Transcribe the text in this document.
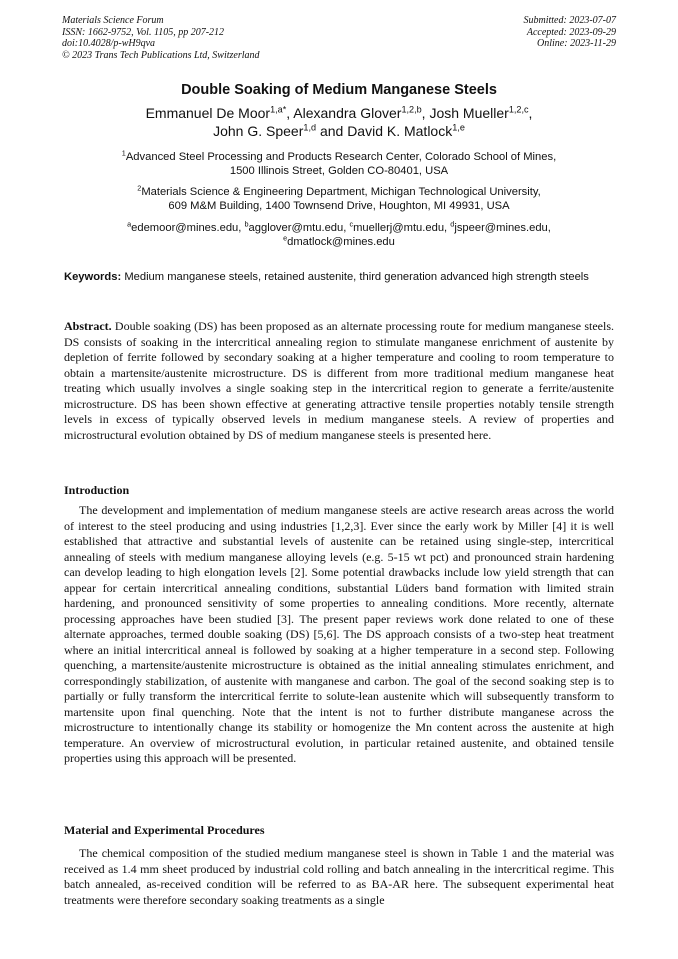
Materials Science Forum
ISSN: 1662-9752, Vol. 1105, pp 207-212
doi:10.4028/p-wH9qva
© 2023 Trans Tech Publications Ltd, Switzerland
Submitted: 2023-07-07
Accepted: 2023-09-29
Online: 2023-11-29
Double Soaking of Medium Manganese Steels
Emmanuel De Moor$^{1,a*}$, Alexandra Glover$^{1,2,b}$, Josh Mueller$^{1,2,c}$,
John G. Speer$^{1,d}$ and David K. Matlock$^{1,e}$
$^1$Advanced Steel Processing and Products Research Center, Colorado School of Mines,
1500 Illinois Street, Golden CO-80401, USA
$^2$Materials Science & Engineering Department, Michigan Technological University,
609 M&M Building, 1400 Townsend Drive, Houghton, MI 49931, USA
$^a$edemoor@mines.edu, $^b$agglover@mtu.edu, $^c$muellerj@mtu.edu, $^d$jspeer@mines.edu,
$^e$dmatlock@mines.edu
Keywords: Medium manganese steels, retained austenite, third generation advanced high strength steels
Abstract. Double soaking (DS) has been proposed as an alternate processing route for medium manganese steels. DS consists of soaking in the intercritical annealing region to stimulate manganese enrichment of austenite by depletion of ferrite followed by secondary soaking at a higher temperature and cooling to room temperature to obtain a martensite/austenite microstructure. DS is different from more traditional medium manganese heat treating which usually involves a single soaking step in the intercritical region to generate a ferrite/austenite microstructure. DS has been shown effective at generating attractive tensile properties notably tensile strength levels in excess of typically observed levels in medium manganese steels. A review of properties and microstructural evolution obtained by DS of medium manganese steels is presented here.
Introduction
The development and implementation of medium manganese steels are active research areas across the world of interest to the steel producing and using industries [1,2,3]. Ever since the early work by Miller [4] it is well established that attractive and substantial levels of austenite can be retained using single-step, intercritical annealing of steels with medium manganese alloying levels (e.g. 5-15 wt pct) and pronounced strain hardening can develop leading to high elongation levels [2]. Some potential drawbacks include low yield strength that can appear for certain intercritical annealing conditions, substantial Lüders band formation with limited strain hardening, and pronounced sensitivity of some properties to annealing conditions. More recently, alternate processing approaches have been studied [3]. The present paper reviews work done related to one of these alternate approaches, termed double soaking (DS) [5,6]. The DS approach consists of a two-step heat treatment where an initial intercritical anneal is followed by soaking at a higher temperature in a second step. Following quenching, a martensite/austenite microstructure is obtained as the initial annealing stimulates enrichment, and correspondingly stabilization, of austenite with manganese and carbon. The goal of the second soaking step is to partially or fully transform the intercritical ferrite to solute-lean austenite which will subsequently transform to martensite upon final quenching. Note that the intent is not to further distribute manganese across the microstructure to intentionally change its stability or homogenize the Mn content across the austenite at high temperature. An overview of microstructural evolution, in particular retained austenite, and obtained tensile properties using this approach will be presented.
Material and Experimental Procedures
The chemical composition of the studied medium manganese steel is shown in Table 1 and the material was received as 1.4 mm sheet produced by industrial cold rolling and batch annealing in the intercritical regime. This batch annealed, as-received condition will be referred to as BA-AR here. The subsequent experimental heat treatments were therefore secondary soaking treatments as a single
